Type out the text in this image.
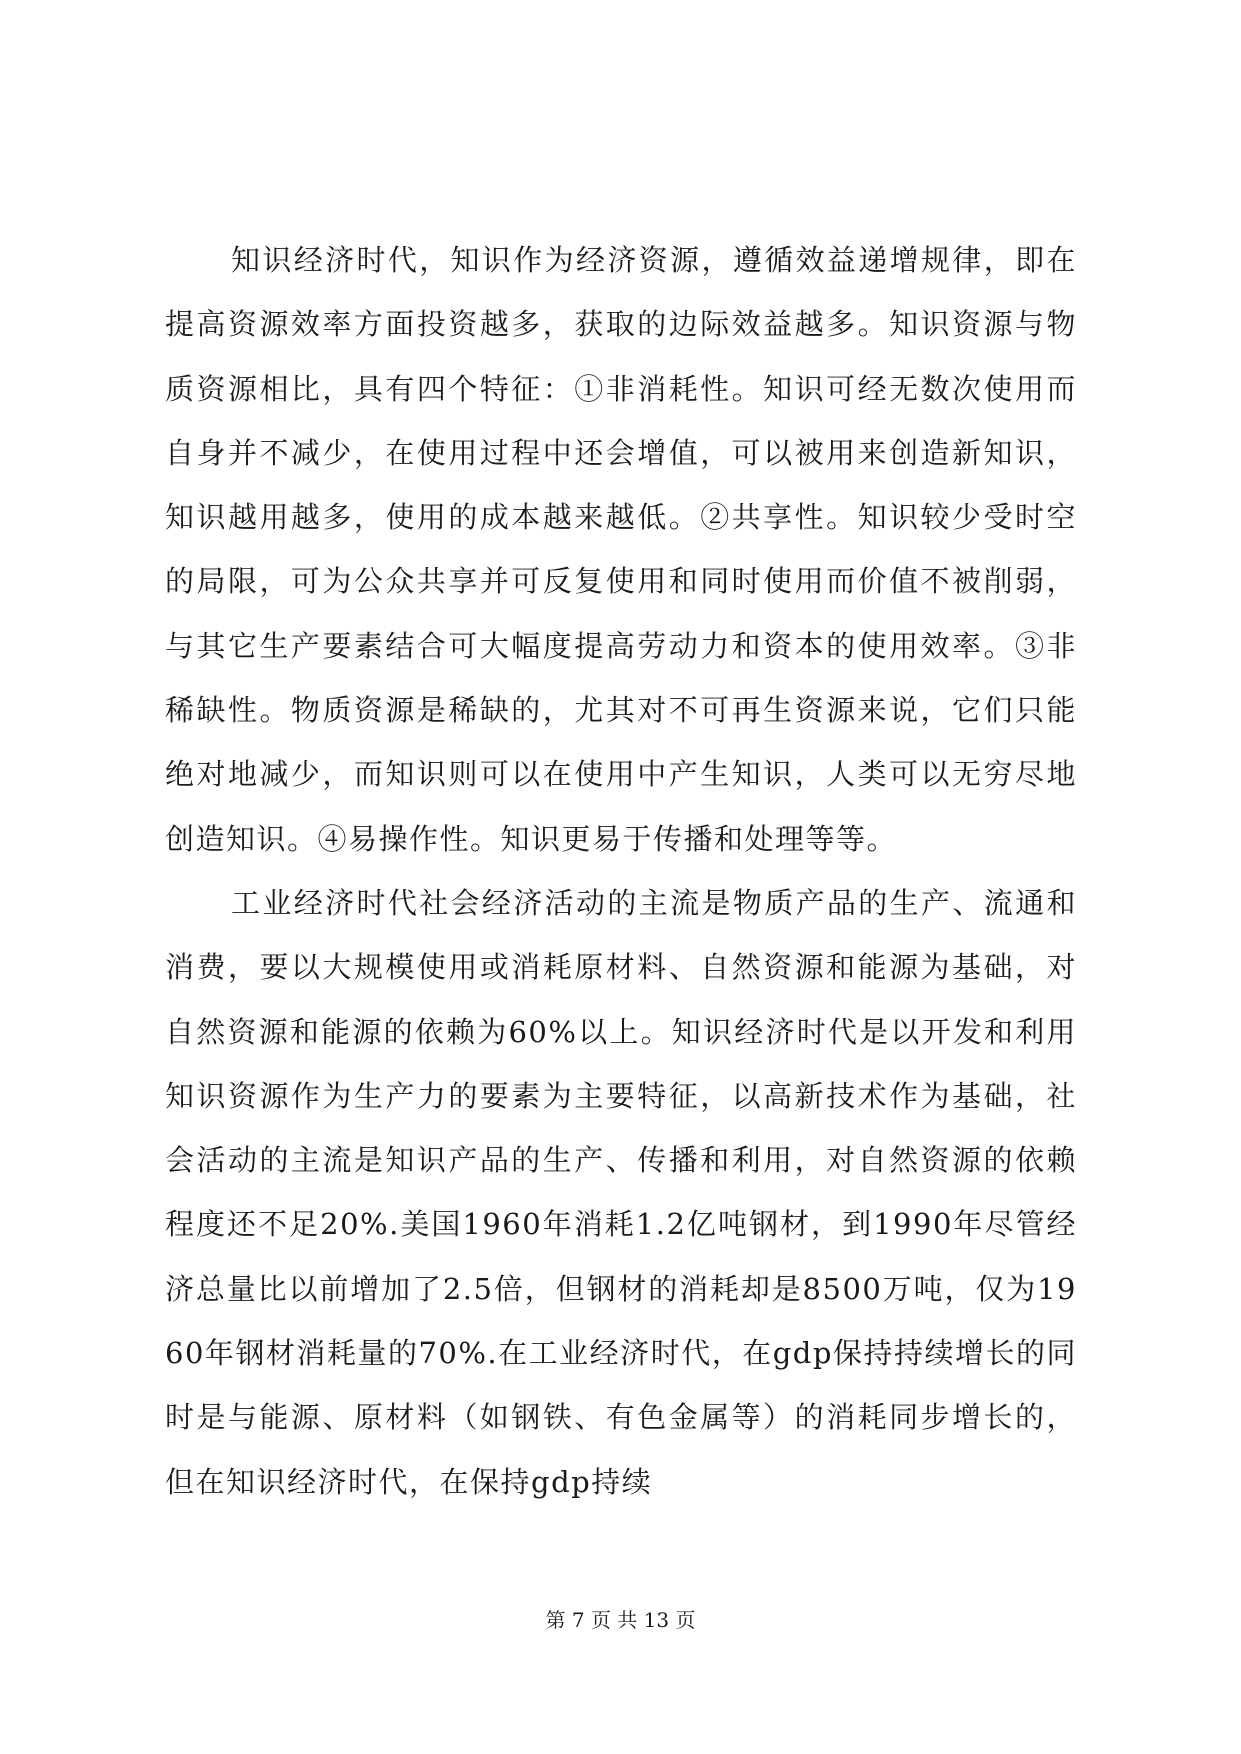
知识经济时代，知识作为经济资源，遵循效益递增规律，即在提高资源效率方面投资越多，获取的边际效益越多。知识资源与物质资源相比，具有四个特征：①非消耗性。知识可经无数次使用而自身并不减少，在使用过程中还会增值，可以被用来创造新知识，知识越用越多，使用的成本越来越低。②共享性。知识较少受时空的局限，可为公众共享并可反复使用和同时使用而价值不被削弱，与其它生产要素结合可大幅度提高劳动力和资本的使用效率。③非稀缺性。物质资源是稀缺的，尤其对不可再生资源来说，它们只能绝对地减少，而知识则可以在使用中产生知识，人类可以无穷尽地创造知识。④易操作性。知识更易于传播和处理等等。

工业经济时代社会经济活动的主流是物质产品的生产、流通和消费，要以大规模使用或消耗原材料、自然资源和能源为基础，对自然资源和能源的依赖为60%以上。知识经济时代是以开发和利用知识资源作为生产力的要素为主要特征，以高新技术作为基础，社会活动的主流是知识产品的生产、传播和利用，对自然资源的依赖程度还不足20%.美国1960年消耗1.2亿吨钢材，到1990年尽管经济总量比以前增加了2.5倍，但钢材的消耗却是8500万吨，仅为1960年钢材消耗量的70%.在工业经济时代，在gdp保持持续增长的同时是与能源、原材料（如钢铁、有色金属等）的消耗同步增长的，但在知识经济时代，在保持gdp持续

第 7 页 共 13 页
